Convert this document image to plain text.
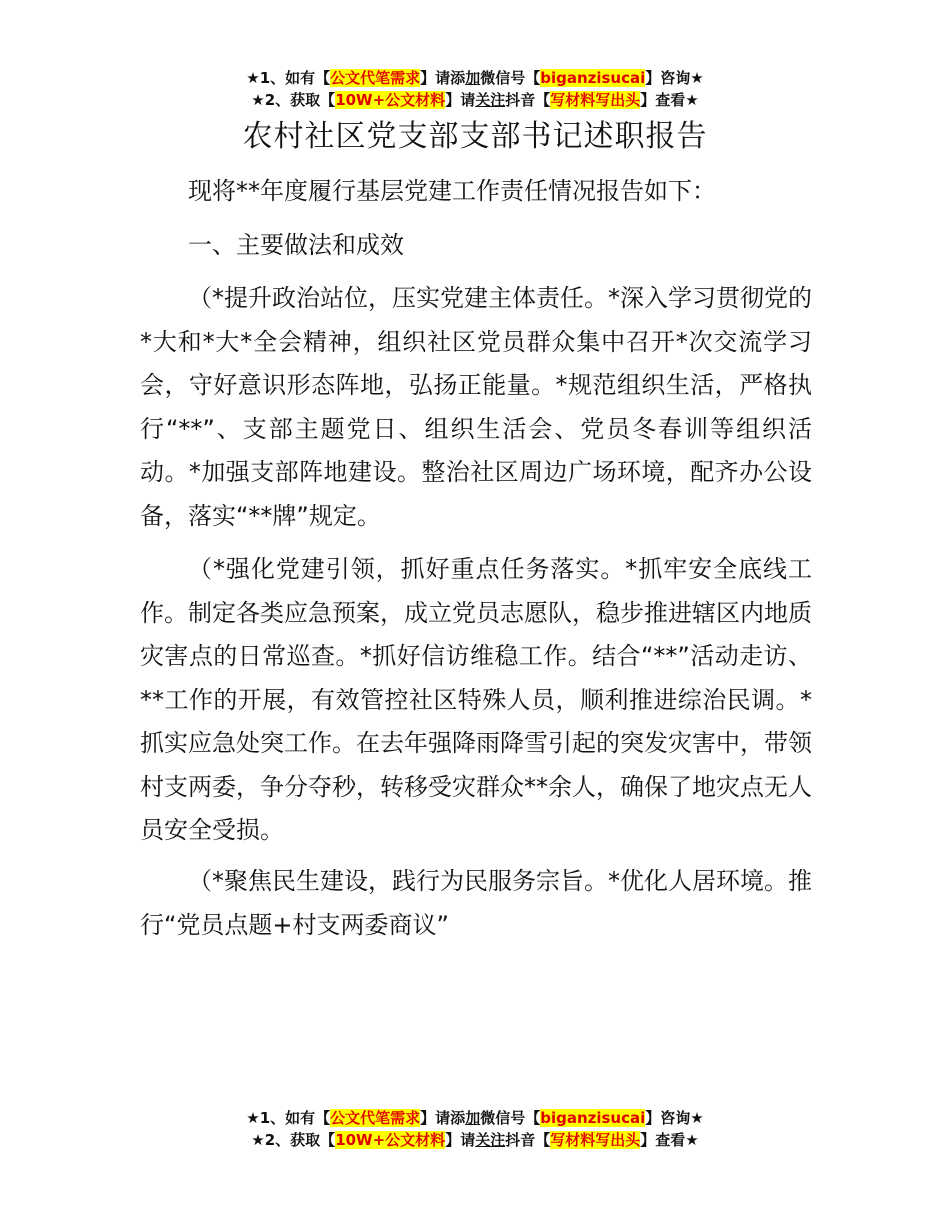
★1、如有【公文代笔需求】请添加微信号【biganzisucai】咨询★
★2、获取【10W+公文材料】请关注抖音【写材料写出头】查看★
农村社区党支部支部书记述职报告

现将**年度履行基层党建工作责任情况报告如下：

一、主要做法和成效

（*提升政治站位，压实党建主体责任。*深入学习贯彻党的*大和*大*全会精神，组织社区党员群众集中召开*次交流学习会，守好意识形态阵地，弘扬正能量。*规范组织生活，严格执行“**”、支部主题党日、组织生活会、党员冬春训等组织活动。*加强支部阵地建设。整治社区周边广场环境，配齐办公设备，落实“**牌”规定。

（*强化党建引领，抓好重点任务落实。*抓牢安全底线工作。制定各类应急预案，成立党员志愿队，稳步推进辖区内地质灾害点的日常巡查。*抓好信访维稳工作。结合“**”活动走访、**工作的开展，有效管控社区特殊人员，顺利推进综治民调。*抓实应急处突工作。在去年强降雨降雪引起的突发灾害中，带领村支两委，争分夺秒，转移受灾群众**余人，确保了地灾点无人员安全受损。

（*聚焦民生建设，践行为民服务宗旨。*优化人居环境。推行“党员点题+村支两委商议”

★1、如有【公文代笔需求】请添加微信号【biganzisucai】咨询★
★2、获取【10W+公文材料】请关注抖音【写材料写出头】查看★
